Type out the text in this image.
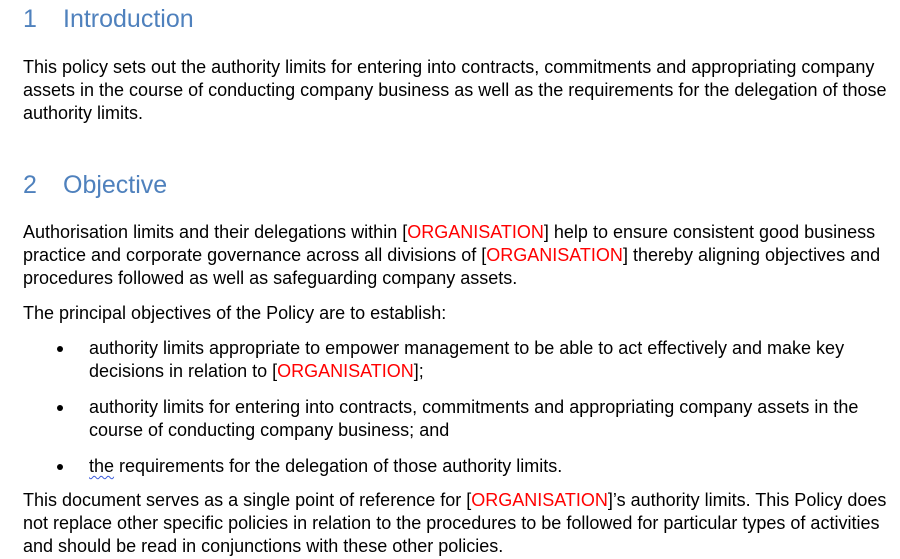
1	Introduction

This policy sets out the authority limits for entering into contracts, commitments and appropriating company assets in the course of conducting company business as well as the requirements for the delegation of those authority limits.

2	Objective

Authorisation limits and their delegations within [ORGANISATION] help to ensure consistent good business practice and corporate governance across all divisions of [ORGANISATION] thereby aligning objectives and procedures followed as well as safeguarding company assets.

The principal objectives of the Policy are to establish:

authority limits appropriate to empower management to be able to act effectively and make key decisions in relation to [ORGANISATION];
authority limits for entering into contracts, commitments and appropriating company assets in the course of conducting company business; and
the requirements for the delegation of those authority limits.

This document serves as a single point of reference for [ORGANISATION]’s authority limits. This Policy does not replace other specific policies in relation to the procedures to be followed for particular types of activities and should be read in conjunctions with these other policies.
